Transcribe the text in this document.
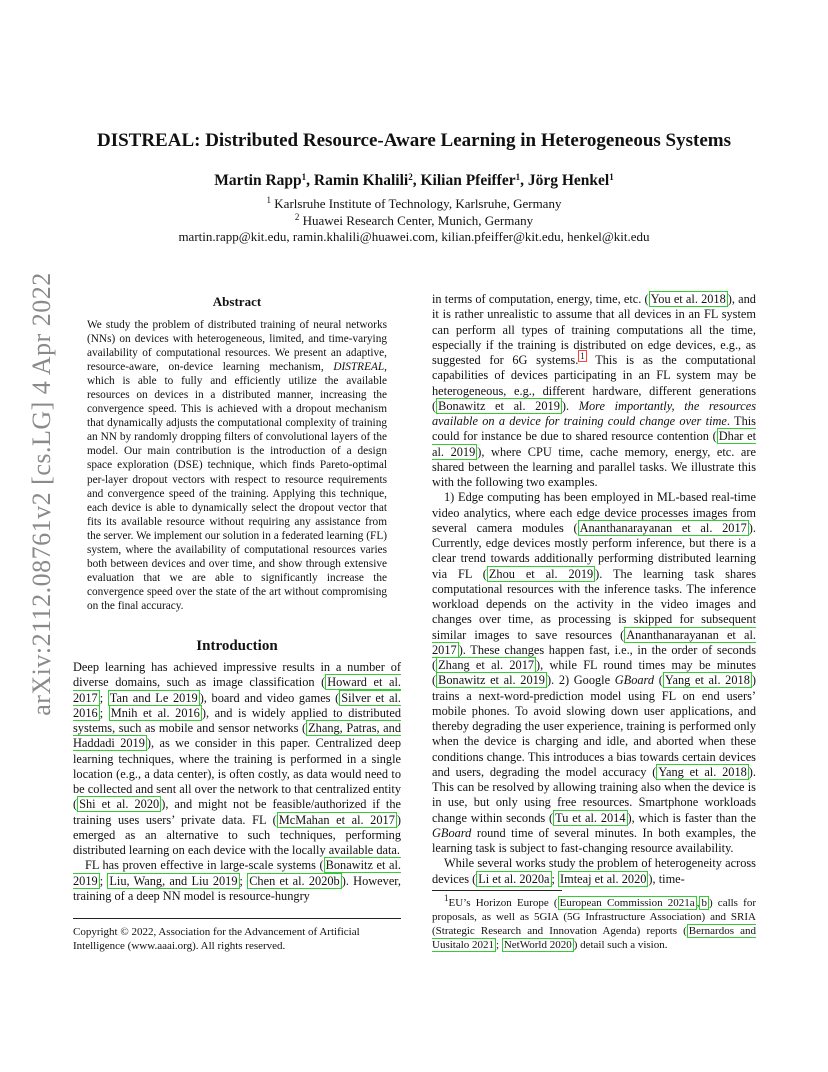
arXiv:2112.08761v2 [cs.LG] 4 Apr 2022
DISTREAL: Distributed Resource-Aware Learning in Heterogeneous Systems
Martin Rapp$^1$, Ramin Khalili$^2$, Kilian Pfeiffer$^1$, Jörg Henkel$^1$
$^1$ Karlsruhe Institute of Technology, Karlsruhe, Germany
$^2$ Huawei Research Center, Munich, Germany
martin.rapp@kit.edu, ramin.khalili@huawei.com, kilian.pfeiffer@kit.edu, henkel@kit.edu
Abstract
We study the problem of distributed training of neural networks (NNs) on devices with heterogeneous, limited, and time-varying availability of computational resources. We present an adaptive, resource-aware, on-device learning mechanism, DISTREAL, which is able to fully and efficiently utilize the available resources on devices in a distributed manner, increasing the convergence speed. This is achieved with a dropout mechanism that dynamically adjusts the computational complexity of training an NN by randomly dropping filters of convolutional layers of the model. Our main contribution is the introduction of a design space exploration (DSE) technique, which finds Pareto-optimal per-layer dropout vectors with respect to resource requirements and convergence speed of the training. Applying this technique, each device is able to dynamically select the dropout vector that fits its available resource without requiring any assistance from the server. We implement our solution in a federated learning (FL) system, where the availability of computational resources varies both between devices and over time, and show through extensive evaluation that we are able to significantly increase the convergence speed over the state of the art without compromising on the final accuracy.
Introduction

Deep learning has achieved impressive results in a number of diverse domains, such as image classification ( Howard et al. 2017 ; Tan and Le 2019 ), board and video games ( Silver et al. 2016 ; Mnih et al. 2016 ), and is widely applied to distributed systems, such as mobile and sensor networks ( Zhang, Patras, and Haddadi 2019 ), as we consider in this paper. Centralized deep learning techniques, where the training is performed in a single location (e.g., a data center), is often costly, as data would need to be collected and sent all over the network to that centralized entity ( Shi et al. 2020 ), and might not be feasible/authorized if the training uses users’ private data. FL ( McMahan et al. 2017 ) emerged as an alternative to such techniques, performing distributed learning on each device with the locally available data.

FL has proven effective in large-scale systems ( Bonawitz et al. 2019 ; Liu, Wang, and Liu 2019 ; Chen et al. 2020b ). However, training of a deep NN model is resource-hungry

in terms of computation, energy, time, etc. ( You et al. 2018 ), and it is rather unrealistic to assume that all devices in an FL system can perform all types of training computations all the time, especially if the training is distributed on edge devices, e.g., as suggested for 6G systems. $^1$ This is as the computational capabilities of devices participating in an FL system may be heterogeneous, e.g., different hardware, different generations ( Bonawitz et al. 2019 ). More importantly, the resources available on a device for training could change over time. This could for instance be due to shared resource contention ( Dhar et al. 2019 ), where CPU time, cache memory, energy, etc. are shared between the learning and parallel tasks. We illustrate this with the following two examples.

1) Edge computing has been employed in ML-based real-time video analytics, where each edge device processes images from several camera modules ( Ananthanarayanan et al. 2017 ). Currently, edge devices mostly perform inference, but there is a clear trend towards additionally performing distributed learning via FL ( Zhou et al. 2019 ). The learning task shares computational resources with the inference tasks. The inference workload depends on the activity in the video images and changes over time, as processing is skipped for subsequent similar images to save resources ( Ananthanarayanan et al. 2017 ). These changes happen fast, i.e., in the order of seconds ( Zhang et al. 2017 ), while FL round times may be minutes ( Bonawitz et al. 2019 ). 2) Google GBoard ( Yang et al. 2018 ) trains a next-word-prediction model using FL on end users’ mobile phones. To avoid slowing down user applications, and thereby degrading the user experience, training is performed only when the device is charging and idle, and aborted when these conditions change. This introduces a bias towards certain devices and users, degrading the model accuracy ( Yang et al. 2018 ). This can be resolved by allowing training also when the device is in use, but only using free resources. Smartphone workloads change within seconds ( Tu et al. 2014 ), which is faster than the GBoard round time of several minutes. In both examples, the learning task is subject to fast-changing resource availability.

While several works study the problem of heterogeneity across devices ( Li et al. 2020a ; Imteaj et al. 2020 ), time-

Copyright © 2022, Association for the Advancement of Artificial Intelligence (www.aaai.org). All rights reserved.
$^1$EU’s Horizon Europe ( European Commission 2021a , b ) calls for proposals, as well as 5GIA (5G Infrastructure Association) and SRIA (Strategic Research and Innovation Agenda) reports ( Bernardos and Uusitalo 2021 ; NetWorld 2020 ) detail such a vision.
